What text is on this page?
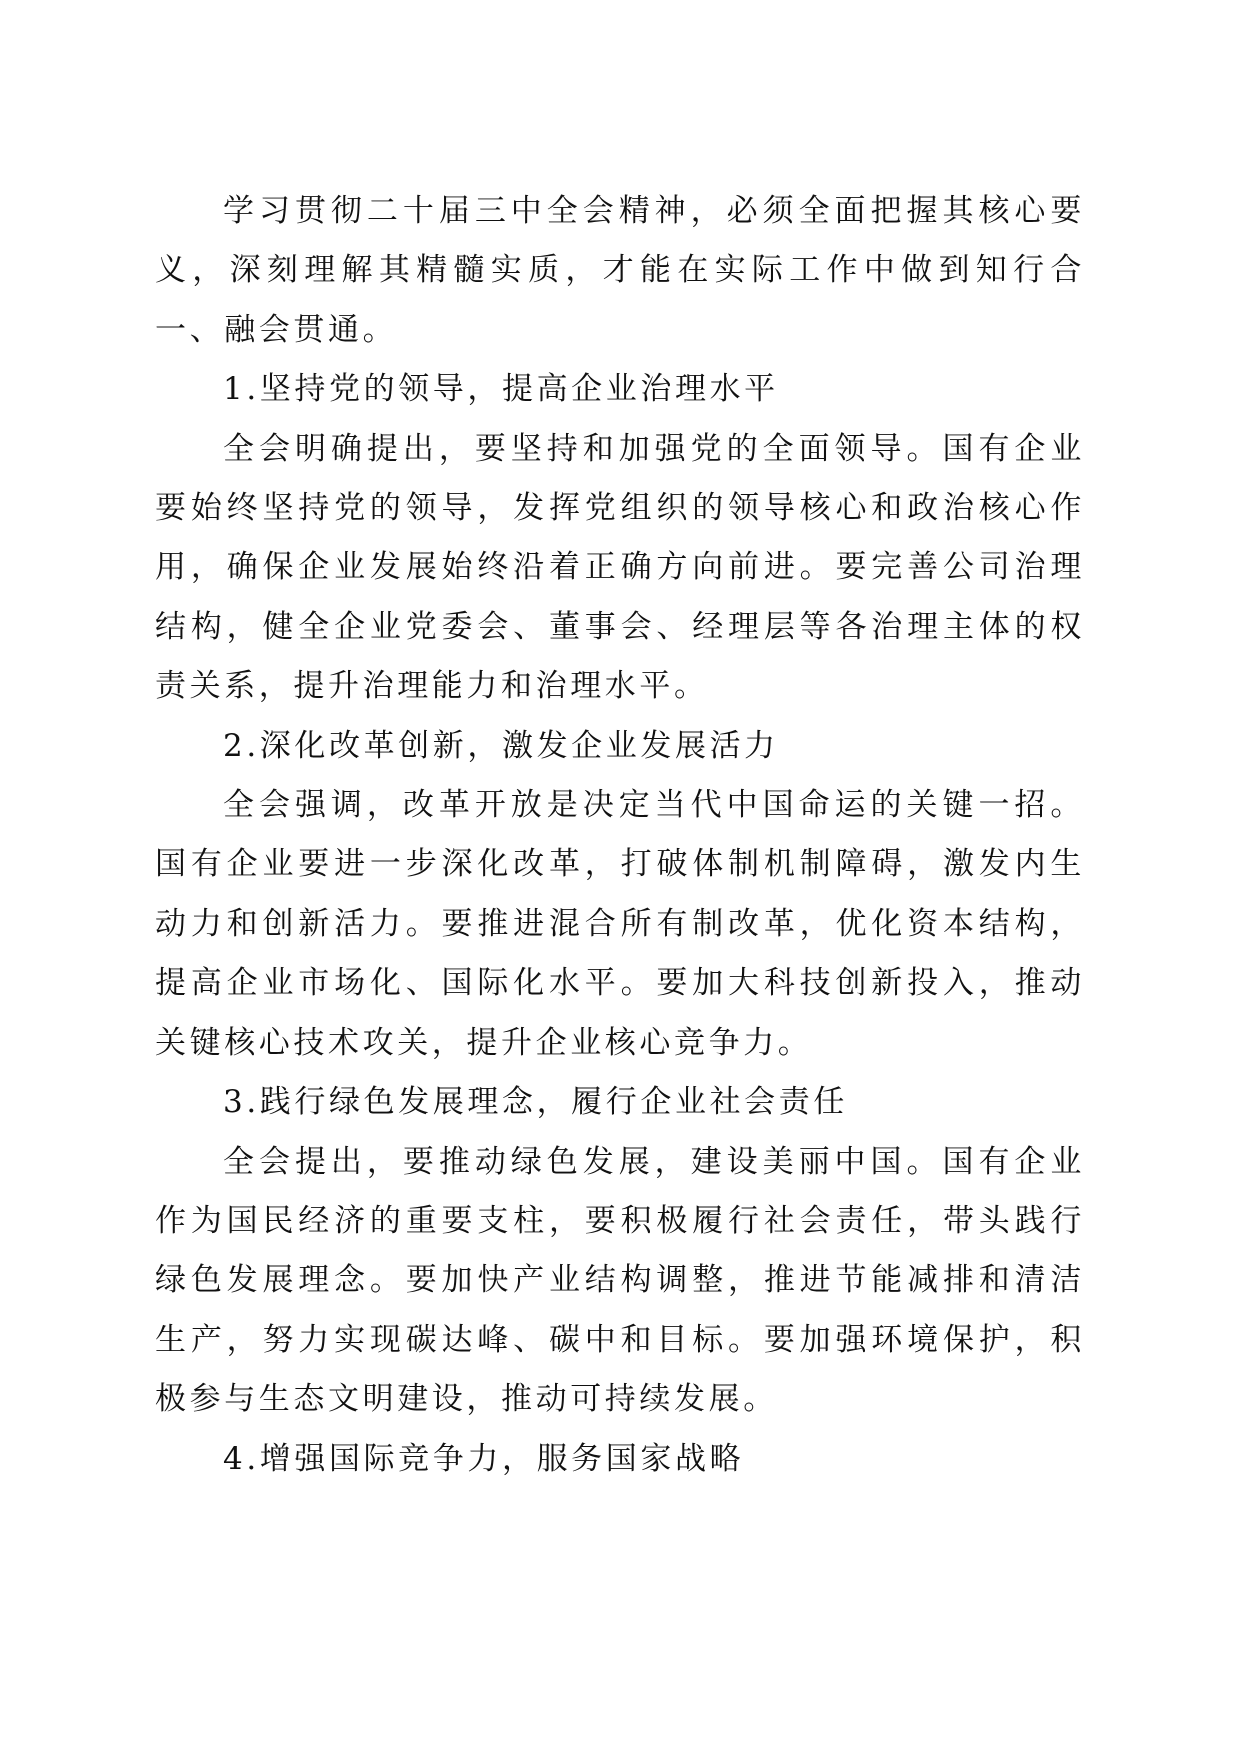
学习贯彻二十届三中全会精神，必须全面把握其核心要义，深刻理解其精髓实质，才能在实际工作中做到知行合一、融会贯通。

1.坚持党的领导，提高企业治理水平

全会明确提出，要坚持和加强党的全面领导。国有企业要始终坚持党的领导，发挥党组织的领导核心和政治核心作用，确保企业发展始终沿着正确方向前进。要完善公司治理结构，健全企业党委会、董事会、经理层等各治理主体的权责关系，提升治理能力和治理水平。

2.深化改革创新，激发企业发展活力

全会强调，改革开放是决定当代中国命运的关键一招。国有企业要进一步深化改革，打破体制机制障碍，激发内生动力和创新活力。要推进混合所有制改革，优化资本结构，提高企业市场化、国际化水平。要加大科技创新投入，推动关键核心技术攻关，提升企业核心竞争力。

3.践行绿色发展理念，履行企业社会责任

全会提出，要推动绿色发展，建设美丽中国。国有企业作为国民经济的重要支柱，要积极履行社会责任，带头践行绿色发展理念。要加快产业结构调整，推进节能减排和清洁生产，努力实现碳达峰、碳中和目标。要加强环境保护，积极参与生态文明建设，推动可持续发展。

4.增强国际竞争力，服务国家战略
